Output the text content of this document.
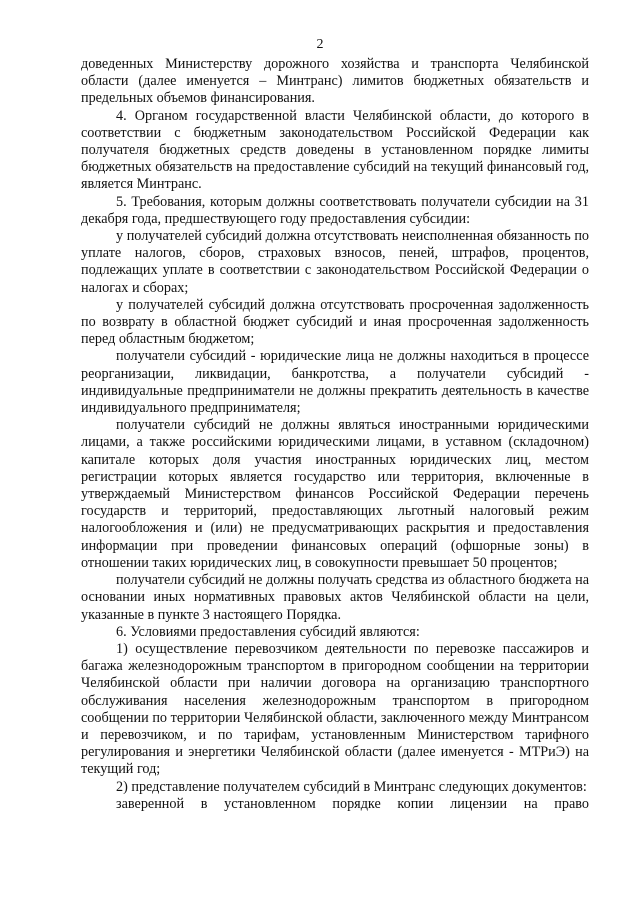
2

доведенных Министерству дорожного хозяйства и транспорта Челябинской области (далее именуется – Минтранс) лимитов бюджетных обязательств и предельных объемов финансирования.

4. Органом государственной власти Челябинской области, до которого в соответствии с бюджетным законодательством Российской Федерации как получателя бюджетных средств доведены в установленном порядке лимиты бюджетных обязательств на предоставление субсидий на текущий финансовый год, является Минтранс.

5. Требования, которым должны соответствовать получатели субсидии на 31 декабря года, предшествующего году предоставления субсидии:

у получателей субсидий должна отсутствовать неисполненная обязанность по уплате налогов, сборов, страховых взносов, пеней, штрафов, процентов, подлежащих уплате в соответствии с законодательством Российской Федерации о налогах и сборах;

у получателей субсидий должна отсутствовать просроченная задолженность по возврату в областной бюджет субсидий и иная просроченная задолженность перед областным бюджетом;

получатели субсидий - юридические лица не должны находиться в процессе реорганизации, ликвидации, банкротства, а получатели субсидий - индивидуальные предприниматели не должны прекратить деятельность в качестве индивидуального предпринимателя;

получатели субсидий не должны являться иностранными юридическими лицами, а также российскими юридическими лицами, в уставном (складочном) капитале которых доля участия иностранных юридических лиц, местом регистрации которых является государство или территория, включенные в утверждаемый Министерством финансов Российской Федерации перечень государств и территорий, предоставляющих льготный налоговый режим налогообложения и (или) не предусматривающих раскрытия и предоставления информации при проведении финансовых операций (офшорные зоны) в отношении таких юридических лиц, в совокупности превышает 50 процентов;

получатели субсидий не должны получать средства из областного бюджета на основании иных нормативных правовых актов Челябинской области на цели, указанные в пункте 3 настоящего Порядка.

6. Условиями предоставления субсидий являются:

1) осуществление перевозчиком деятельности по перевозке пассажиров и багажа железнодорожным транспортом в пригородном сообщении на территории Челябинской области при наличии договора на организацию транспортного обслуживания населения железнодорожным транспортом в пригородном сообщении по территории Челябинской области, заключенного между Минтрансом и перевозчиком, и по тарифам, установленным Министерством тарифного регулирования и энергетики Челябинской области (далее именуется - МТРиЭ) на текущий год;

2) представление получателем субсидий в Минтранс следующих документов:

заверенной в установленном порядке копии лицензии на право
